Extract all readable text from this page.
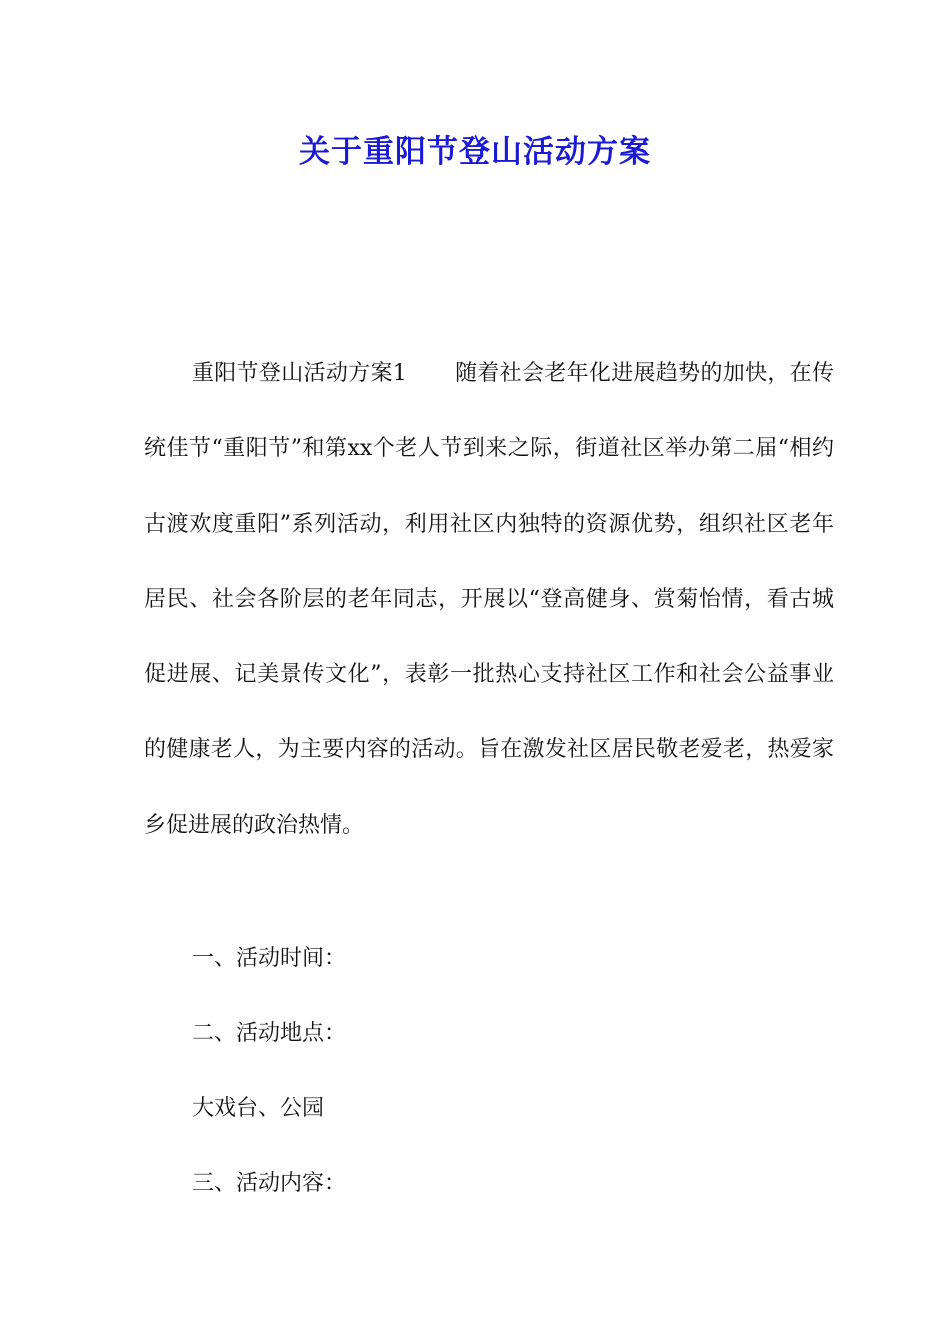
关于重阳节登山活动方案

重阳节登山活动方案1 随着社会老年化进展趋势的加快，在传统佳节“重阳节”和第xx个老人节到来之际，街道社区举办第二届“相约古渡欢度重阳”系列活动，利用社区内独特的资源优势，组织社区老年居民、社会各阶层的老年同志，开展以“登高健身、赏菊怡情，看古城促进展、记美景传文化”，表彰一批热心支持社区工作和社会公益事业的健康老人，为主要内容的活动。旨在激发社区居民敬老爱老，热爱家乡促进展的政治热情。

一、活动时间：

二、活动地点：

大戏台、公园

三、活动内容：
